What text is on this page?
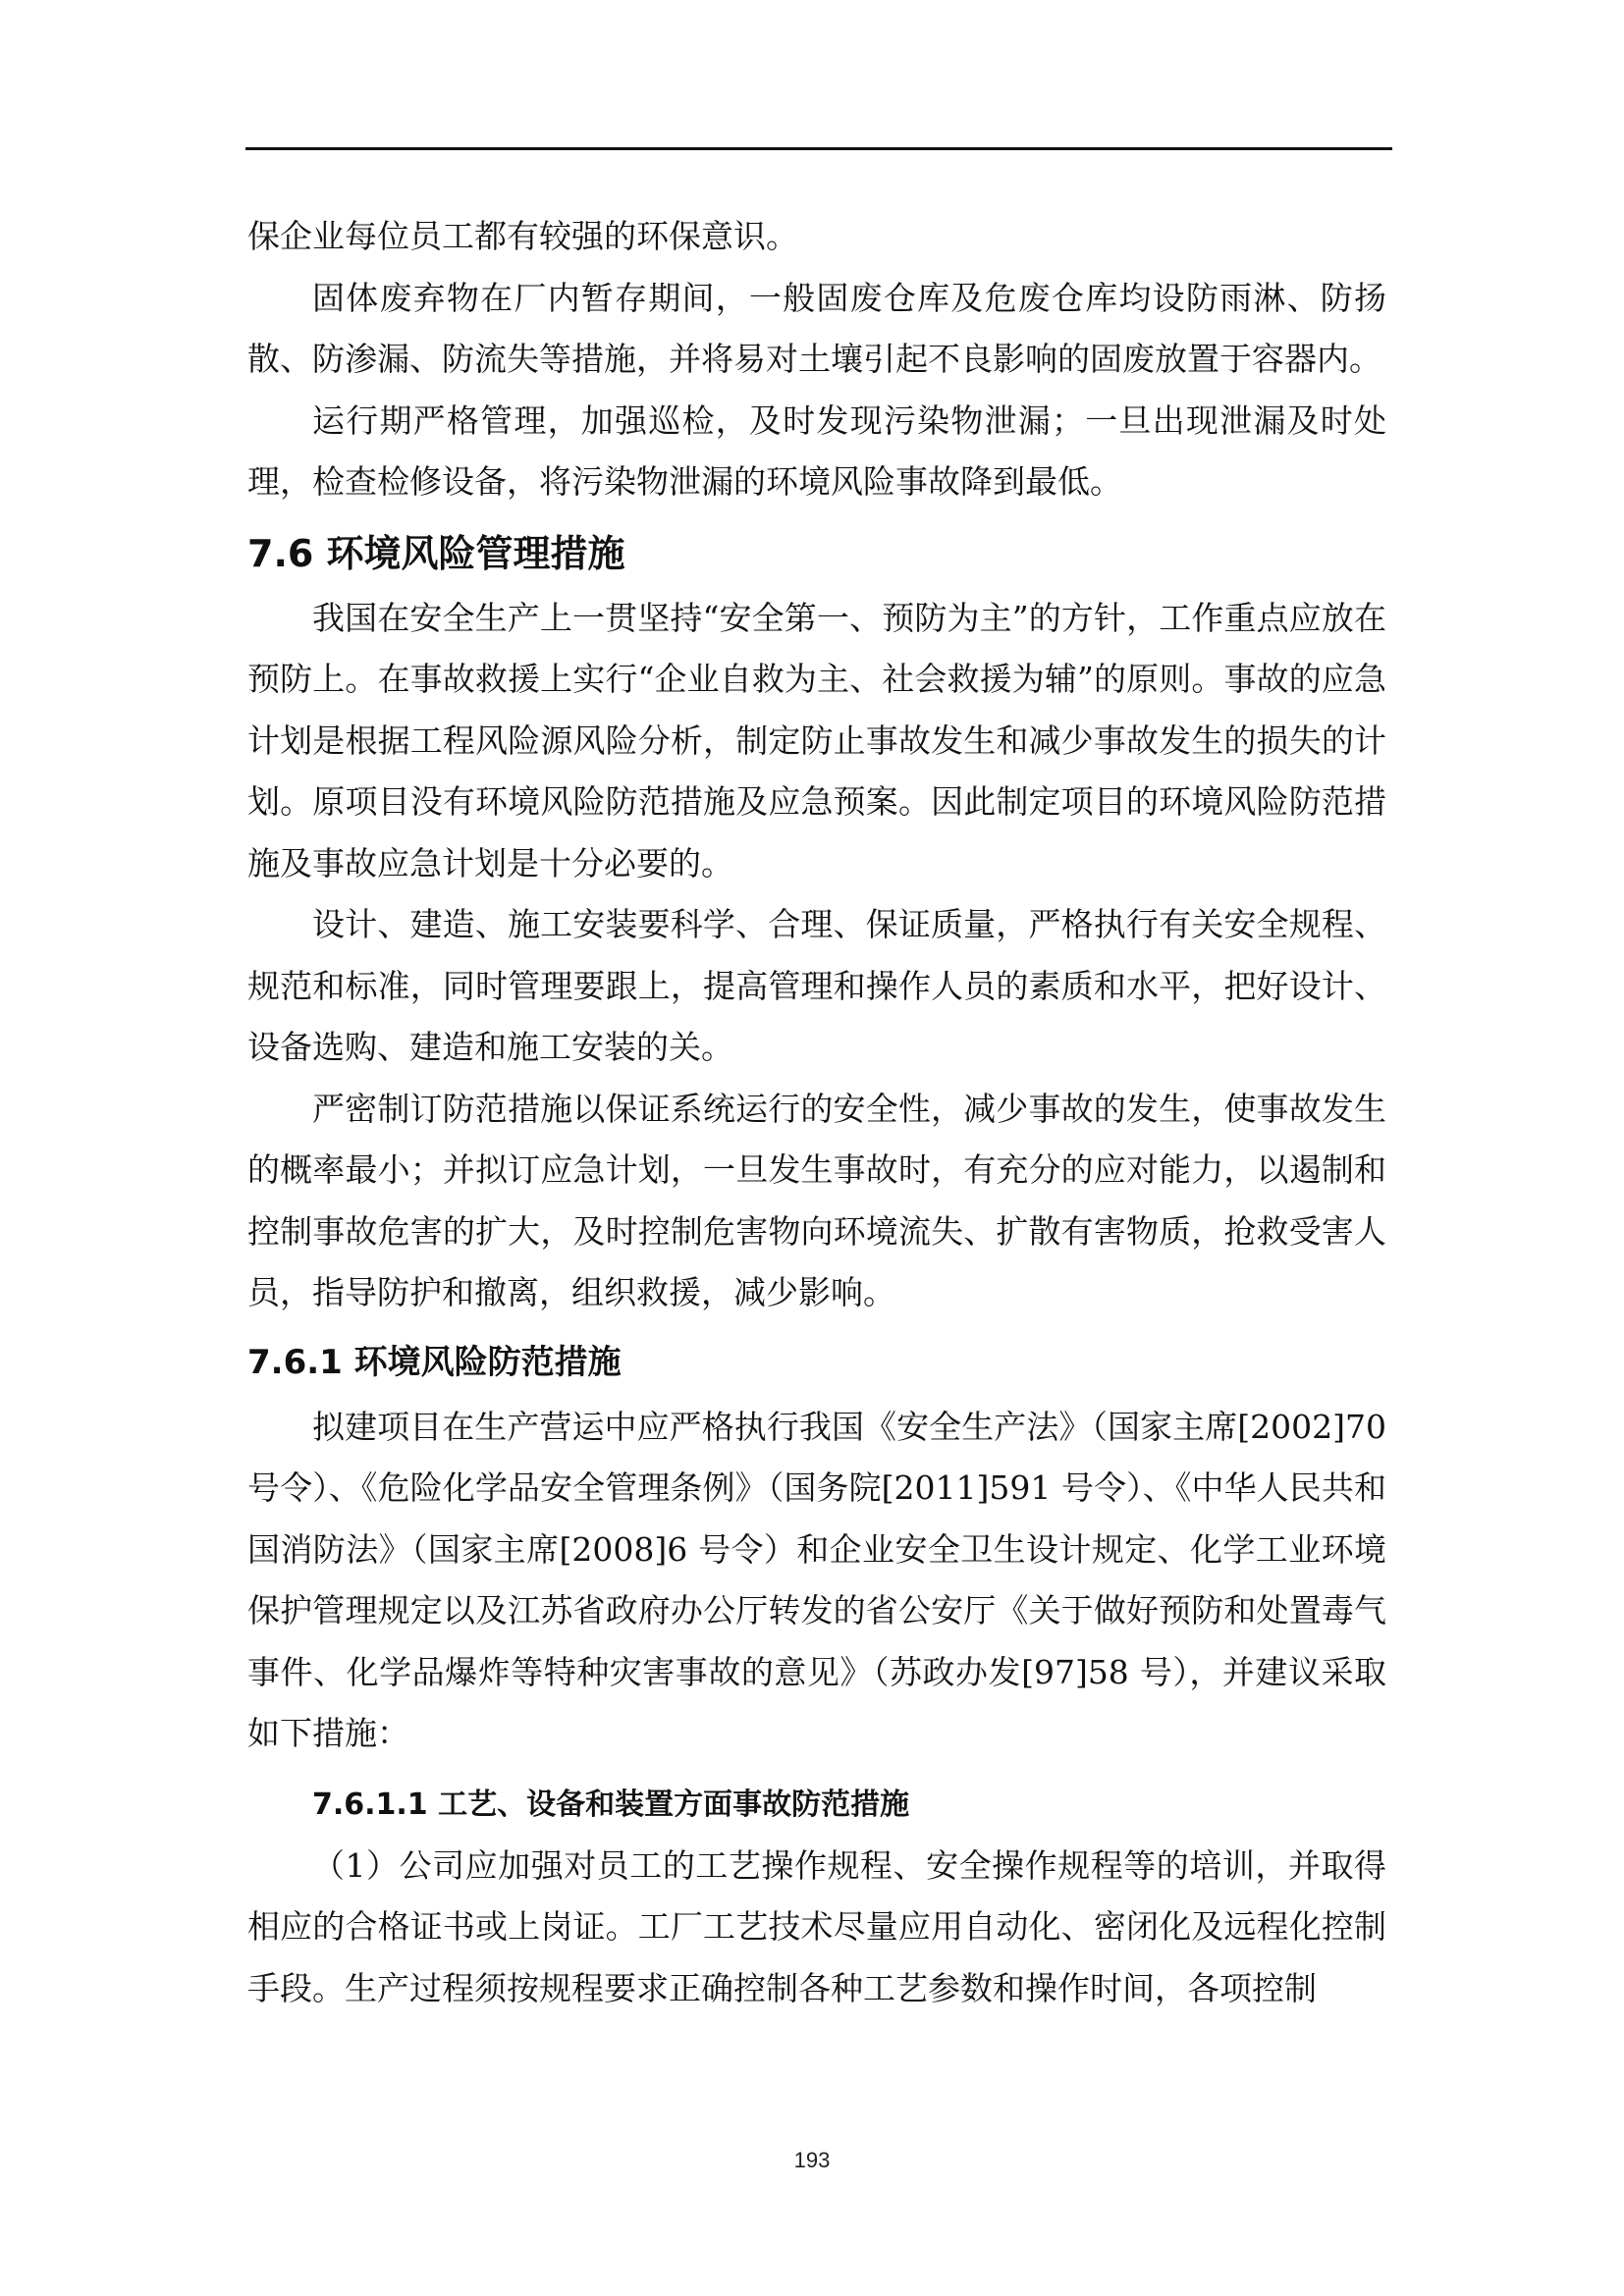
保企业每位员工都有较强的环保意识。

固体废弃物在厂内暂存期间，一般固废仓库及危废仓库均设防雨淋、防扬散、防渗漏、防流失等措施，并将易对土壤引起不良影响的固废放置于容器内。

运行期严格管理，加强巡检，及时发现污染物泄漏；一旦出现泄漏及时处理，检查检修设备，将污染物泄漏的环境风险事故降到最低。

7.6 环境风险管理措施

我国在安全生产上一贯坚持“安全第一、预防为主”的方针，工作重点应放在预防上。在事故救援上实行“企业自救为主、社会救援为辅”的原则。事故的应急计划是根据工程风险源风险分析，制定防止事故发生和减少事故发生的损失的计划。原项目没有环境风险防范措施及应急预案。因此制定项目的环境风险防范措施及事故应急计划是十分必要的。

设计、建造、施工安装要科学、合理、保证质量，严格执行有关安全规程、规范和标准，同时管理要跟上，提高管理和操作人员的素质和水平，把好设计、设备选购、建造和施工安装的关。

严密制订防范措施以保证系统运行的安全性，减少事故的发生，使事故发生的概率最小；并拟订应急计划，一旦发生事故时，有充分的应对能力，以遏制和控制事故危害的扩大，及时控制危害物向环境流失、扩散有害物质，抢救受害人员，指导防护和撤离，组织救援，减少影响。

7.6.1 环境风险防范措施

拟建项目在生产营运中应严格执行我国《安全生产法》（国家主席[2002]70号令）、《危险化学品安全管理条例》（国务院[2011]591 号令）、《中华人民共和国消防法》（国家主席[2008]6 号令）和企业安全卫生设计规定、化学工业环境保护管理规定以及江苏省政府办公厅转发的省公安厅《关于做好预防和处置毒气事件、化学品爆炸等特种灾害事故的意见》（苏政办发[97]58 号），并建议采取如下措施：

7.6.1.1 工艺、设备和装置方面事故防范措施

（1）公司应加强对员工的工艺操作规程、安全操作规程等的培训，并取得相应的合格证书或上岗证。工厂工艺技术尽量应用自动化、密闭化及远程化控制手段。生产过程须按规程要求正确控制各种工艺参数和操作时间，各项控制

193
